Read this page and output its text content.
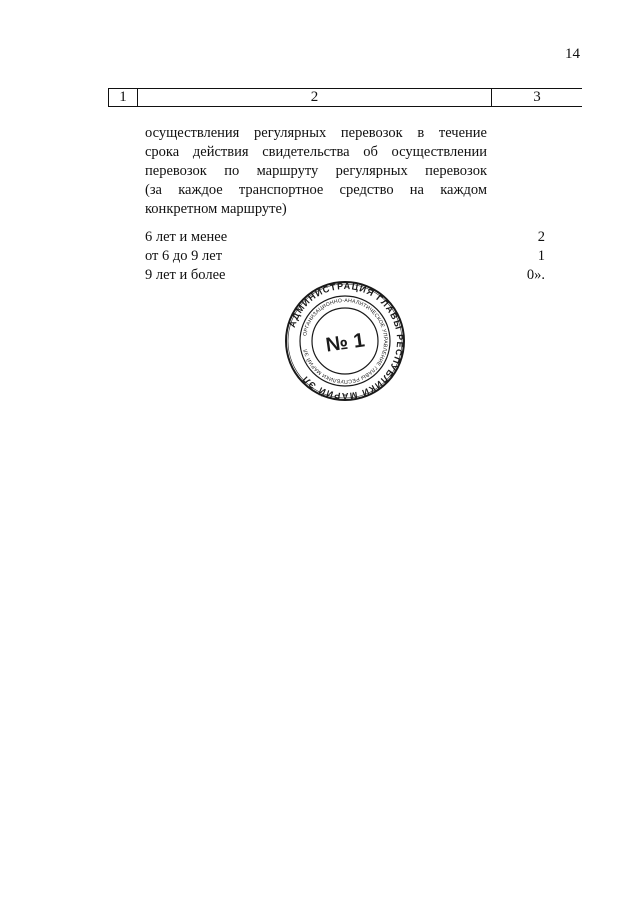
14
1	2	3
осуществления регулярных перевозок в течение
срока действия свидетельства об осуществлении
перевозок по маршруту регулярных перевозок
(за каждое транспортное средство на каждом
конкретном маршруте)
6 лет и менее	2
от 6 до 9 лет	1
9 лет и более	0».
АДМИНИСТРАЦИЯ ГЛАВЫ РЕСПУБЛИКИ МАРИЙ ЭЛ
ОРГАНИЗАЦИОННО-АНАЛИТИЧЕСКОЕ УПРАВЛЕНИЕ ГЛАВЫ РЕСПУБЛИКИ МАРИЙ ЭЛ № 1
